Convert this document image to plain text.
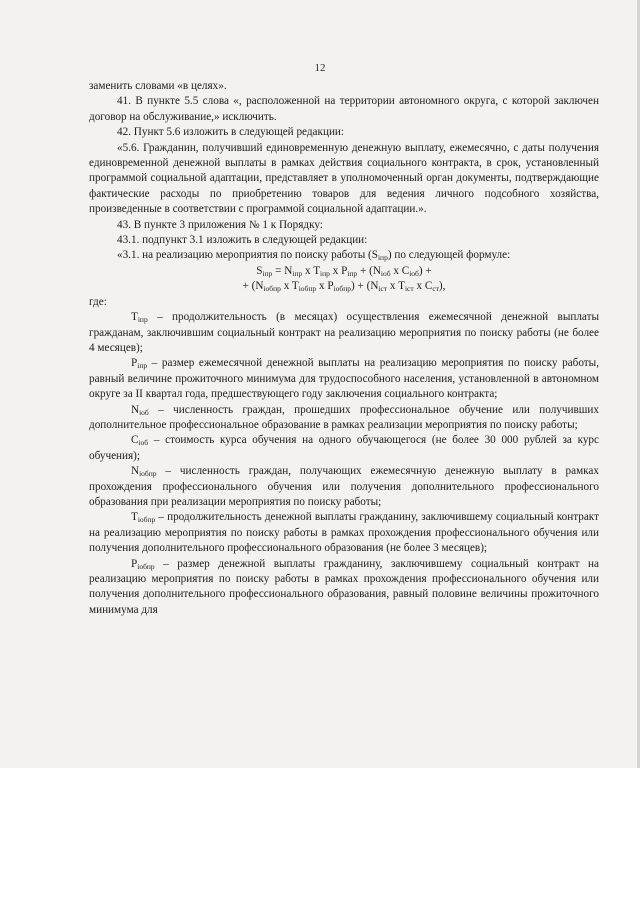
12

заменить словами «в целях».

41. В пункте 5.5 слова «, расположенной на территории автономного округа, с которой заключен договор на обслуживание,» исключить.

42. Пункт 5.6 изложить в следующей редакции:

«5.6. Гражданин, получивший единовременную денежную выплату, ежемесячно, с даты получения единовременной денежной выплаты в рамках действия социального контракта, в срок, установленный программой социальной адаптации, представляет в уполномоченный орган документы, подтверждающие фактические расходы по приобретению товаров для ведения личного подсобного хозяйства, произведенные в соответствии с программой социальной адаптации.».

43. В пункте 3 приложения № 1 к Порядку:

43.1. подпункт 3.1 изложить в следующей редакции:

«3.1. на реализацию мероприятия по поиску работы $(S_{iпр})$ по следующей формуле:

$S_{iпр} = N_{iпр}$ x $T_{iпр}$ x $P_{iпр} + (N_{iоб}$ x $C_{iоб}$) +

+ ($N_{iобпр}$ x $T_{iобпр}$ x $P_{iобпр}) + (N_{iст}$ x $T_{iст}$ x $C_{ст}$),

где:

$T_{iпр}$ – продолжительность (в месяцах) осуществления ежемесячной денежной выплаты гражданам, заключившим социальный контракт на реализацию мероприятия по поиску работы (не более 4 месяцев);

$P_{iпр}$ – размер ежемесячной денежной выплаты на реализацию мероприятия по поиску работы, равный величине прожиточного минимума для трудоспособного населения, установленной в автономном округе за II квартал года, предшествующего году заключения социального контракта;

$N_{iоб}$ – численность граждан, прошедших профессиональное обучение или получивших дополнительное профессиональное образование в рамках реализации мероприятия по поиску работы;

$C_{iоб}$ – стоимость курса обучения на одного обучающегося (не более 30 000 рублей за курс обучения);

$N_{iобпр}$ – численность граждан, получающих ежемесячную денежную выплату в рамках прохождения профессионального обучения или получения дополнительного профессионального образования при реализации мероприятия по поиску работы;

$T_{iобпр}$ – продолжительность денежной выплаты гражданину, заключившему социальный контракт на реализацию мероприятия по поиску работы в рамках прохождения профессионального обучения или получения дополнительного профессионального образования (не более 3 месяцев);

$P_{iобпр}$ – размер денежной выплаты гражданину, заключившему социальный контракт на реализацию мероприятия по поиску работы в рамках прохождения профессионального обучения или получения дополнительного профессионального образования, равный половине величины прожиточного минимума для
